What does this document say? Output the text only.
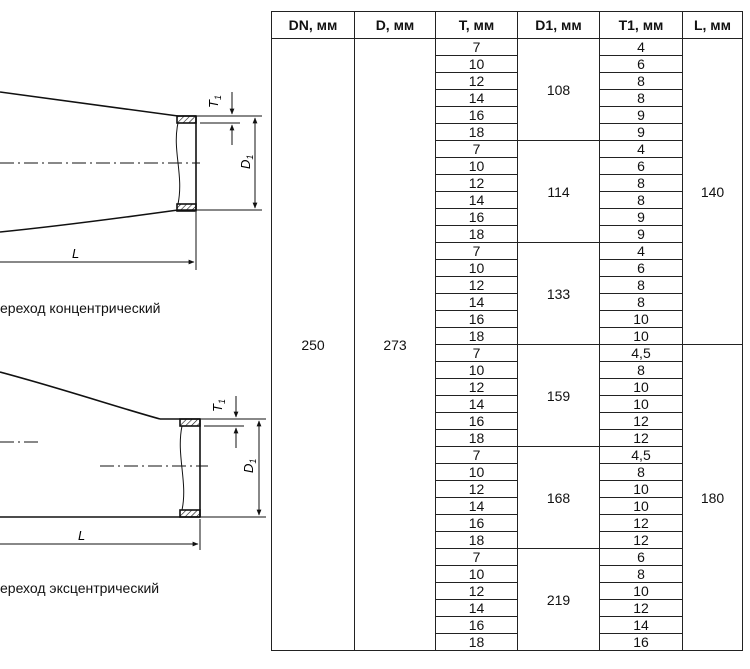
$T_1$
$D_1$
L
$T_1$
$D_1$
L
ереход концентрический
ереход эксцентрический
DN, мм	D, мм	T, мм	D1, мм	T1, мм	L, мм
250	273	7	108	4	140
		10		6	
		12		8	
		14		8	
		16		9	
		18		9	
		7	114	4	
		10		6	
		12		8	
		14		8	
		16		9	
		18		9	
		7	133	4	
		10		6	
		12		8	
		14		8	
		16		10	
		18		10	
		7	159	4,5	180
		10		8	
		12		10	
		14		10	
		16		12	
		18		12	
		7	168	4,5	
		10		8	
		12		10	
		14		10	
		16		12	
		18		12	
		7	219	6	
		10		8	
		12		10	
		14		12	
		16		14	
		18		16	
